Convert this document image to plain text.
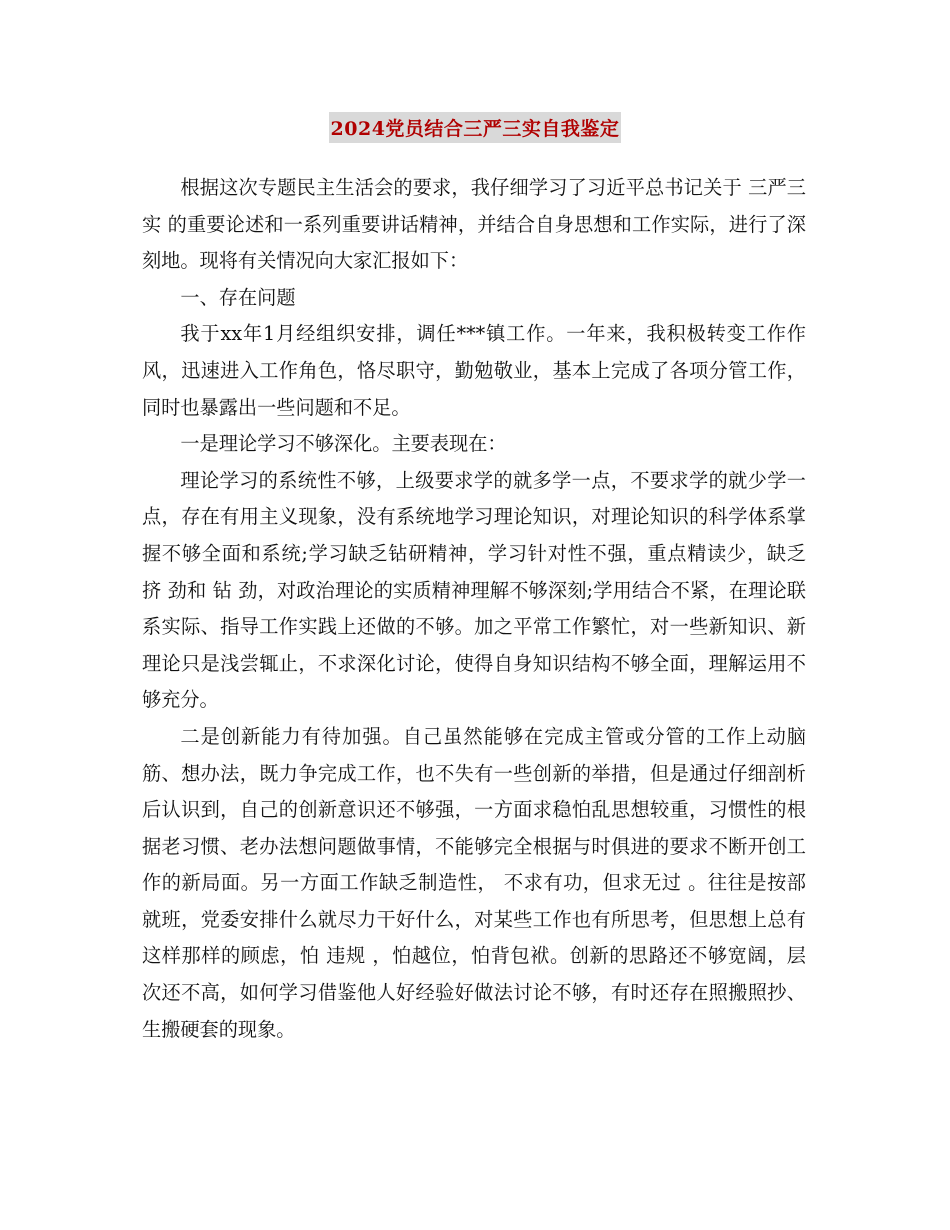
2024党员结合三严三实自我鉴定

根据这次专题民主生活会的要求，我仔细学习了习近平总书记关于 三严三实 的重要论述和一系列重要讲话精神，并结合自身思想和工作实际，进行了深刻地。现将有关情况向大家汇报如下：

一、存在问题

我于xx年1月经组织安排，调任***镇工作。一年来，我积极转变工作作风，迅速进入工作角色，恪尽职守，勤勉敬业，基本上完成了各项分管工作，同时也暴露出一些问题和不足。

一是理论学习不够深化。主要表现在：

理论学习的系统性不够，上级要求学的就多学一点，不要求学的就少学一点，存在有用主义现象，没有系统地学习理论知识，对理论知识的科学体系掌握不够全面和系统;学习缺乏钻研精神，学习针对性不强，重点精读少，缺乏 挤 劲和 钻 劲，对政治理论的实质精神理解不够深刻;学用结合不紧，在理论联系实际、指导工作实践上还做的不够。加之平常工作繁忙，对一些新知识、新理论只是浅尝辄止，不求深化讨论，使得自身知识结构不够全面，理解运用不够充分。

二是创新能力有待加强。自己虽然能够在完成主管或分管的工作上动脑筋、想办法，既力争完成工作，也不失有一些创新的举措，但是通过仔细剖析后认识到，自己的创新意识还不够强，一方面求稳怕乱思想较重，习惯性的根据老习惯、老办法想问题做事情，不能够完全根据与时俱进的要求不断开创工作的新局面。另一方面工作缺乏制造性， 不求有功，但求无过 。往往是按部就班，党委安排什么就尽力干好什么，对某些工作也有所思考，但思想上总有这样那样的顾虑，怕 违规 ，怕越位，怕背包袱。创新的思路还不够宽阔，层次还不高，如何学习借鉴他人好经验好做法讨论不够，有时还存在照搬照抄、生搬硬套的现象。
